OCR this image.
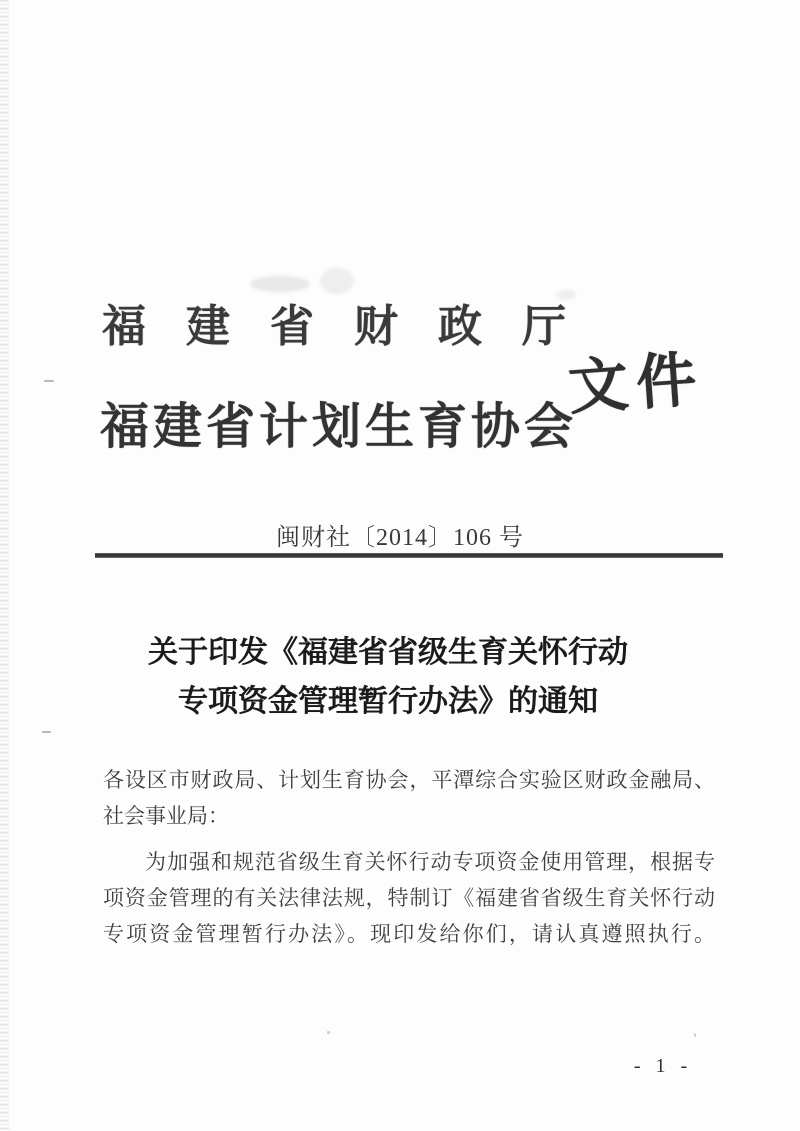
福建省财政厅
福建省计划生育协会
文件
闽财社〔2014〕106 号
关于印发《福建省省级生育关怀行动
专项资金管理暂行办法》的通知
各设区市财政局、计划生育协会，平潭综合实验区财政金融局、
社会事业局：
为加强和规范省级生育关怀行动专项资金使用管理，根据专
项资金管理的有关法律法规，特制订《福建省省级生育关怀行动
专项资金管理暂行办法》。现印发给你们，请认真遵照执行。
- 1 -
